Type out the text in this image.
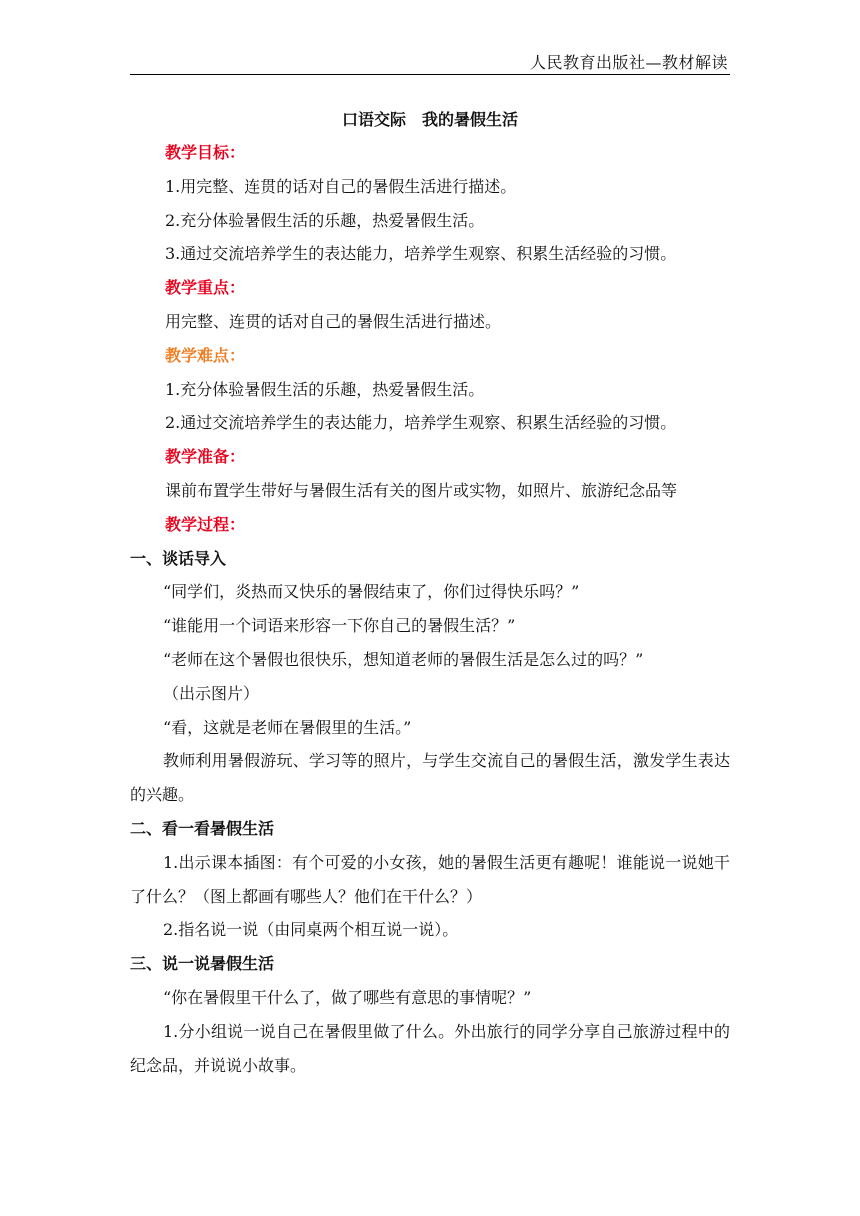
人民教育出版社—教材解读
口语交际　我的暑假生活
教学目标：
1.用完整、连贯的话对自己的暑假生活进行描述。
2.充分体验暑假生活的乐趣，热爱暑假生活。
3.通过交流培养学生的表达能力，培养学生观察、积累生活经验的习惯。
教学重点：
用完整、连贯的话对自己的暑假生活进行描述。
教学难点：
1.充分体验暑假生活的乐趣，热爱暑假生活。
2.通过交流培养学生的表达能力，培养学生观察、积累生活经验的习惯。
教学准备：
课前布置学生带好与暑假生活有关的图片或实物，如照片、旅游纪念品等
教学过程：
一、谈话导入
“同学们，炎热而又快乐的暑假结束了，你们过得快乐吗？”
“谁能用一个词语来形容一下你自己的暑假生活？”
“老师在这个暑假也很快乐，想知道老师的暑假生活是怎么过的吗？”
（出示图片）
“看，这就是老师在暑假里的生活。”
教师利用暑假游玩、学习等的照片，与学生交流自己的暑假生活，激发学生表达的兴趣。
二、看一看暑假生活
1.出示课本插图：有个可爱的小女孩，她的暑假生活更有趣呢！谁能说一说她干了什么？（图上都画有哪些人？他们在干什么？）
2.指名说一说（由同桌两个相互说一说）。
三、说一说暑假生活
“你在暑假里干什么了，做了哪些有意思的事情呢？”
1.分小组说一说自己在暑假里做了什么。外出旅行的同学分享自己旅游过程中的纪念品，并说说小故事。
